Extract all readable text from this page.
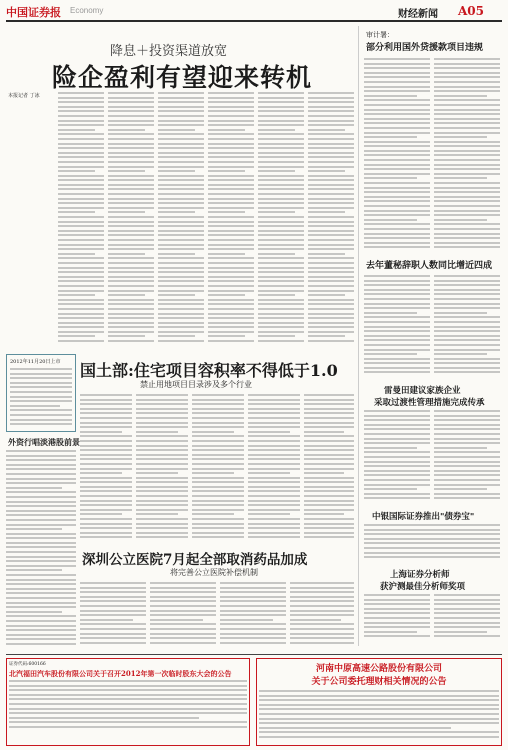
中国证券报 Economy	财经新闻 A05
降息＋投资渠道放宽
险企盈利有望迎来转机
本报记者 丁冰
2012年11月20日上市
外资行唱淡港股前景
审计署：
部分利用国外贷援款项目违规
去年董秘辞职人数同比增近四成
雷曼田建议家族企业
采取过渡性管理措施完成传承
中银国际证券推出"债券宝"
上海证券分析师
获沪测最佳分析师奖项
国土部:住宅项目容积率不得低于1.0
禁止用地项目目录涉及多个行业
深圳公立医院7月起全部取消药品加成
将完善公立医院补偿机制
证券代码:600166
北汽福田汽车股份有限公司关于召开2012年第一次临时股东大会的公告	河南中原高速公路股份有限公司
关于公司委托理财相关情况的公告
